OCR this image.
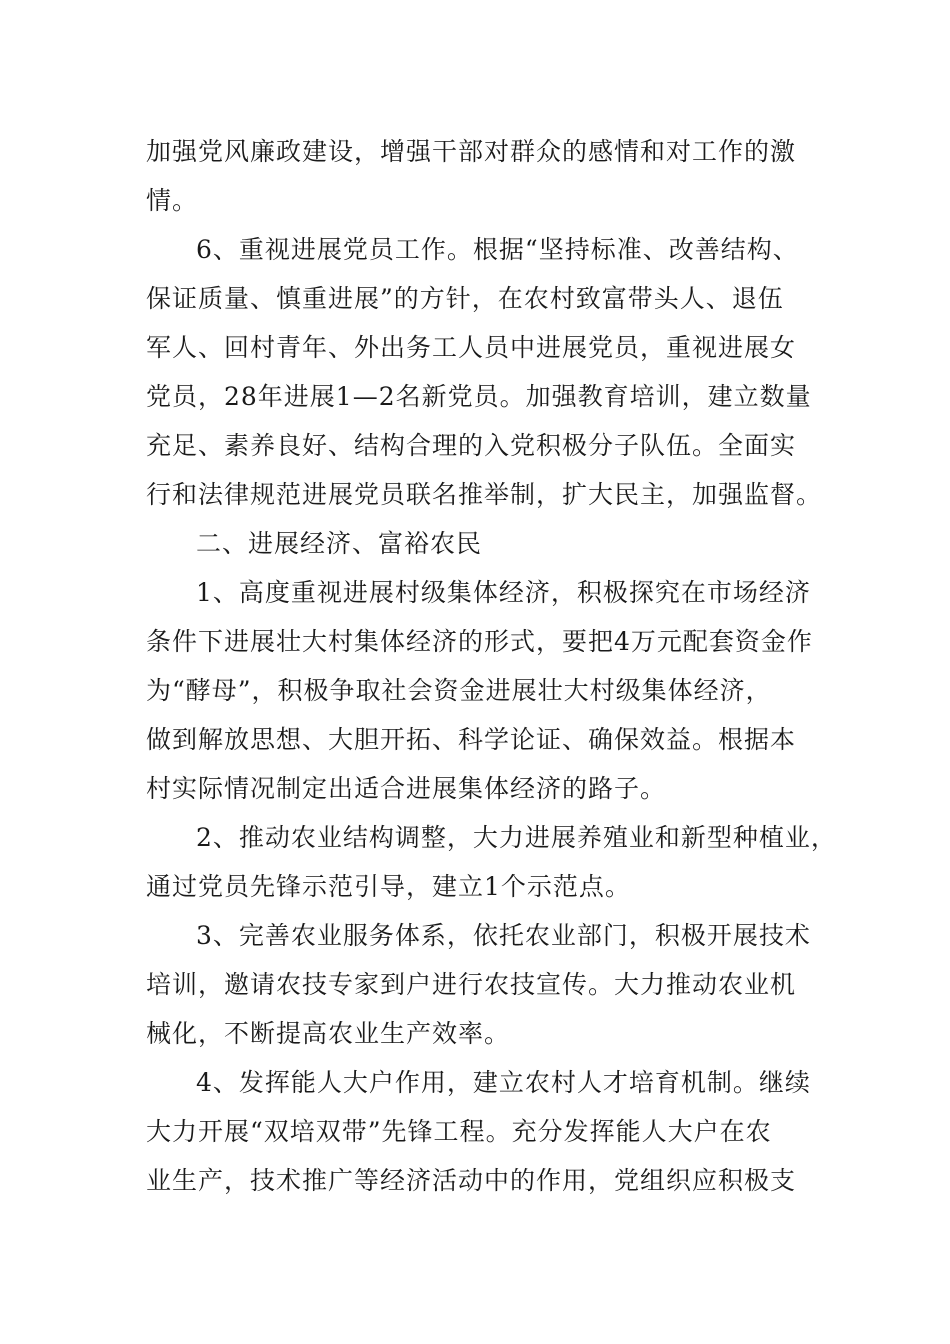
加强党风廉政建设，增强干部对群众的感情和对工作的激
情。
6、重视进展党员工作。根据“坚持标准、改善结构、
保证质量、慎重进展”的方针，在农村致富带头人、退伍
军人、回村青年、外出务工人员中进展党员，重视进展女
党员，28年进展1—2名新党员。加强教育培训，建立数量
充足、素养良好、结构合理的入党积极分子队伍。全面实
行和法律规范进展党员联名推举制，扩大民主，加强监督。
二、进展经济、富裕农民
1、高度重视进展村级集体经济，积极探究在市场经济
条件下进展壮大村集体经济的形式，要把4万元配套资金作
为“酵母”，积极争取社会资金进展壮大村级集体经济，
做到解放思想、大胆开拓、科学论证、确保效益。根据本
村实际情况制定出适合进展集体经济的路子。
2、推动农业结构调整，大力进展养殖业和新型种植业，
通过党员先锋示范引导，建立1个示范点。
3、完善农业服务体系，依托农业部门，积极开展技术
培训，邀请农技专家到户进行农技宣传。大力推动农业机
械化，不断提高农业生产效率。
4、发挥能人大户作用，建立农村人才培育机制。继续
大力开展“双培双带”先锋工程。充分发挥能人大户在农
业生产，技术推广等经济活动中的作用，党组织应积极支
